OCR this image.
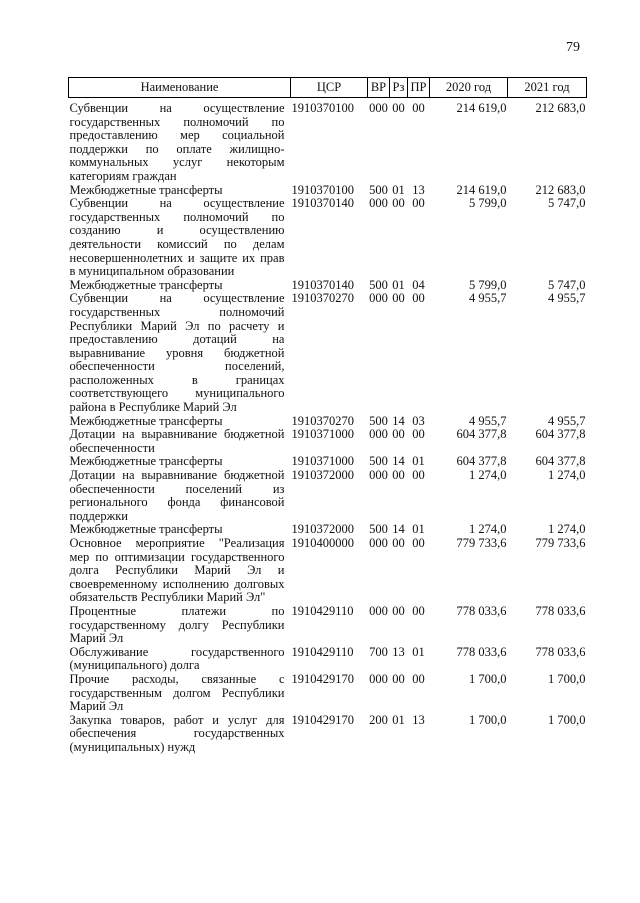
79
Наименование	ЦСР	ВР	Рз	ПР	2020 год	2021 год
Субвенции на осуществление государственных полномочий по предоставлению мер социальной поддержки по оплате жилищно-коммунальных услуг некоторым категориям граждан	1910370100	000	00	00	214 619,0	212 683,0
Межбюджетные трансферты	1910370100	500	01	13	214 619,0	212 683,0
Субвенции на осуществление государственных полномочий по созданию и осуществлению деятельности комиссий по делам несовершеннолетних и защите их прав в муниципальном образовании	1910370140	000	00	00	5 799,0	5 747,0
Межбюджетные трансферты	1910370140	500	01	04	5 799,0	5 747,0
Субвенции на осуществление государственных полномочий Республики Марий Эл по расчету и предоставлению дотаций на выравнивание уровня бюджетной обеспеченности поселений, расположенных в границах соответствующего муниципального района в Республике Марий Эл	1910370270	000	00	00	4 955,7	4 955,7
Межбюджетные трансферты	1910370270	500	14	03	4 955,7	4 955,7
Дотации на выравнивание бюджетной обеспеченности	1910371000	000	00	00	604 377,8	604 377,8
Межбюджетные трансферты	1910371000	500	14	01	604 377,8	604 377,8
Дотации на выравнивание бюджетной обеспеченности поселений из регионального фонда финансовой поддержки	1910372000	000	00	00	1 274,0	1 274,0
Межбюджетные трансферты	1910372000	500	14	01	1 274,0	1 274,0
Основное мероприятие "Реализация мер по оптимизации государственного долга Республики Марий Эл и своевременному исполнению долговых обязательств Республики Марий Эл"	1910400000	000	00	00	779 733,6	779 733,6
Процентные платежи по государственному долгу Республики Марий Эл	1910429110	000	00	00	778 033,6	778 033,6
Обслуживание государственного (муниципального) долга	1910429110	700	13	01	778 033,6	778 033,6
Прочие расходы, связанные с государственным долгом Республики Марий Эл	1910429170	000	00	00	1 700,0	1 700,0
Закупка товаров, работ и услуг для обеспечения государственных (муниципальных) нужд	1910429170	200	01	13	1 700,0	1 700,0
